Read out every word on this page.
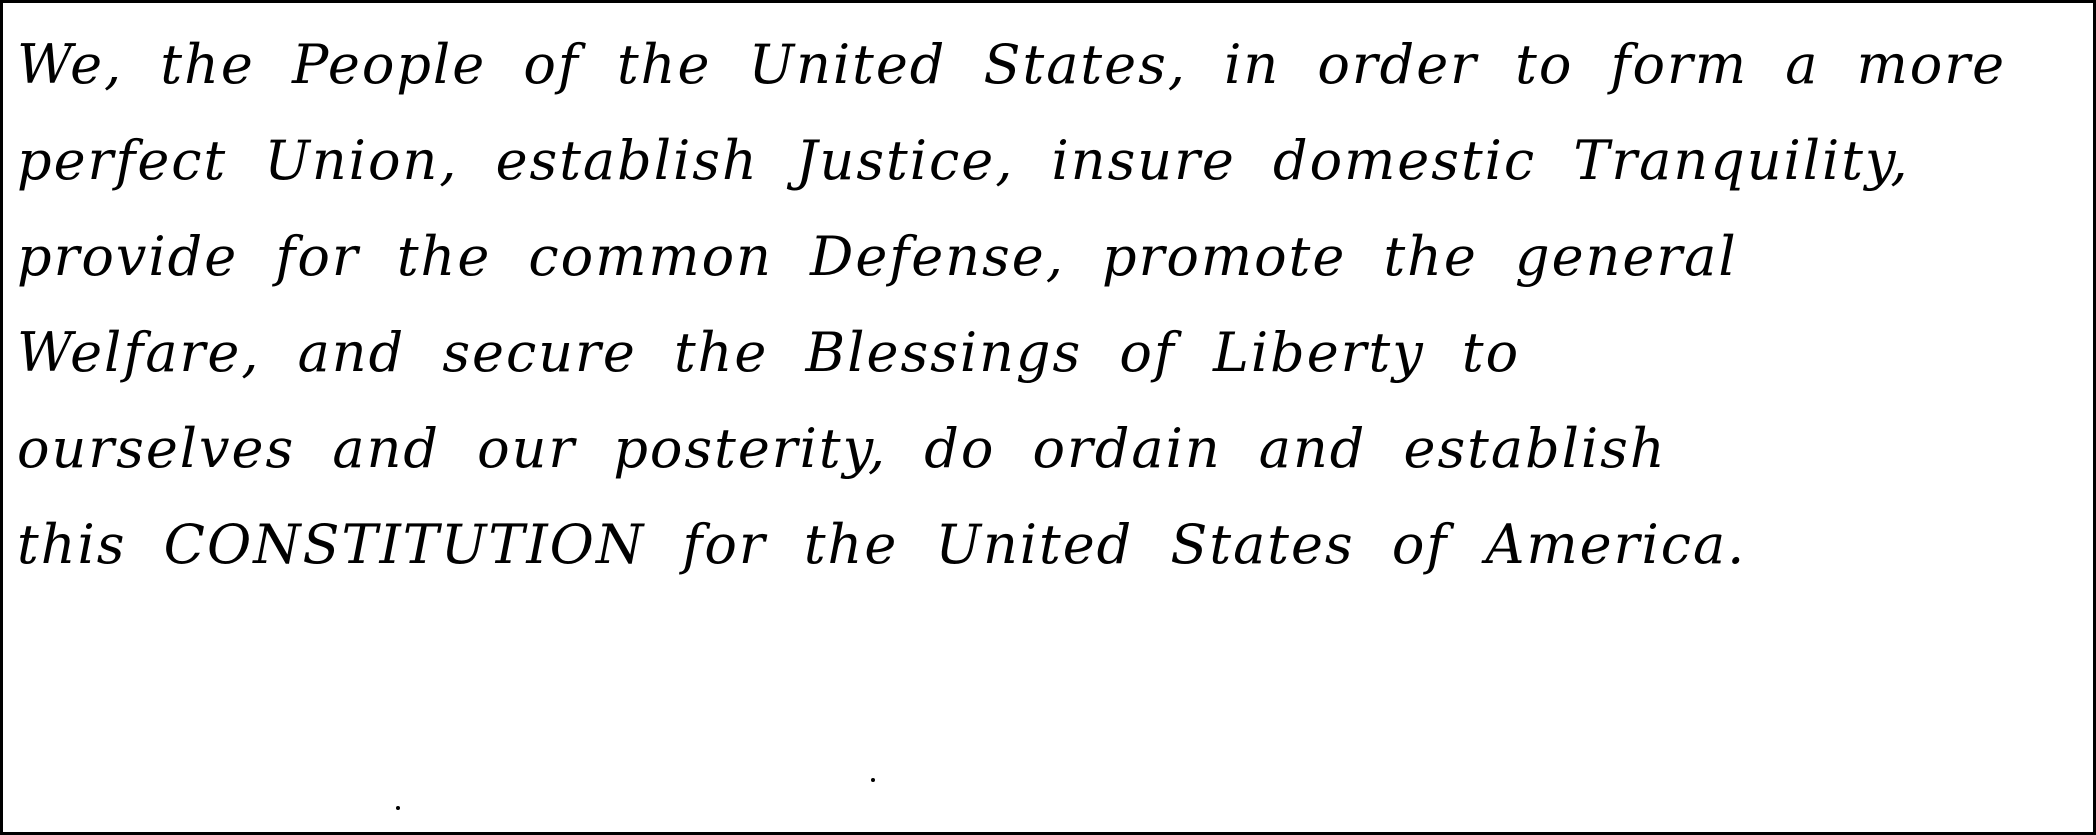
We, the People of the United States, in order to form a more
perfect Union, establish Justice, insure domestic Tranquility,
provide for the common Defense, promote the general
Welfare, and secure the Blessings of Liberty to
ourselves and our posterity, do ordain and establish
this CONSTITUTION for the United States of America.
